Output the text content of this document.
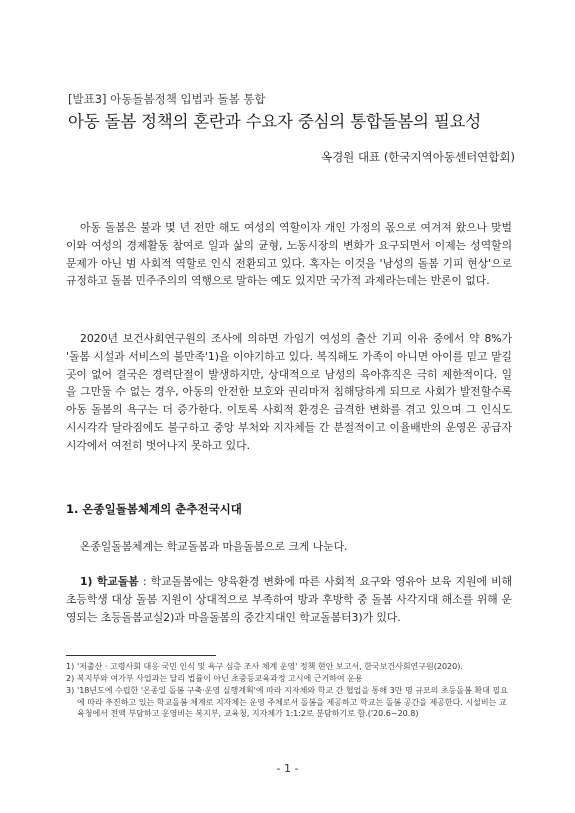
[발표3] 아동돌봄정책 입법과 돌봄 통합
아동 돌봄 정책의 혼란과 수요자 중심의 통합돌봄의 필요성
옥경원 대표 (한국지역아동센터연합회)
아동 돌봄은 불과 몇 년 전만 해도 여성의 역할이자 개인 가정의 몫으로 여겨져 왔으나 맞벌이와 여성의 경제활동 참여로 일과 삶의 균형, 노동시장의 변화가 요구되면서 이제는 성역할의 문제가 아닌 범 사회적 역할로 인식 전환되고 있다. 혹자는 이것을 '남성의 돌봄 기피 현상'으로 규정하고 돌봄 민주주의의 역행으로 말하는 예도 있지만 국가적 과제라는데는 반론이 없다.
2020년 보건사회연구원의 조사에 의하면 가임기 여성의 출산 기피 이유 중에서 약 8%가 '돌봄 시설과 서비스의 불만족'1)을 이야기하고 있다. 복직해도 가족이 아니면 아이를 믿고 맡길 곳이 없어 결국은 경력단절이 발생하지만, 상대적으로 남성의 육아휴직은 극히 제한적이다. 일을 그만둘 수 없는 경우, 아동의 안전한 보호와 권리마저 침해당하게 되므로 사회가 발전할수록 아동 돌봄의 욕구는 더 증가한다. 이토록 사회적 환경은 급격한 변화를 겪고 있으며 그 인식도 시시각각 달라짐에도 불구하고 중앙 부처와 지자체들 간 분절적이고 이율배반의 운영은 공급자 시각에서 여전히 벗어나지 못하고 있다.
1. 온종일돌봄체계의 춘추전국시대
온종일돌봄체계는 학교돌봄과 마을돌봄으로 크게 나눈다.
1) 학교돌봄 : 학교돌봄에는 양육환경 변화에 따른 사회적 요구와 영유아 보육 지원에 비해 초등학생 대상 돌봄 지원이 상대적으로 부족하여 방과 후방학 중 돌봄 사각지대 해소를 위해 운영되는 초등돌봄교실2)과 마을돌봄의 중간지대인 학교돌봄터3)가 있다.
1) '저출산 · 고령사회 대응 국민 인식 및 욕구 심층 조사 체계 운영' 정책 현안 보고서, 한국보건사회연구원(2020).
2) 복지부와 여가부 사업과는 달리 법률이 아닌 초중등교육과정 고시에 근거하여 운용
3) '18년도에 수립한 '온종일 돌봄 구축·운영 실행계획'에 따라 지자체와 학교 간 협업을 통해 3만 명 규모의 초등돌봄 확대 필요에 따라 추진하고 있는 학교돌봄 체계로 지자체는 운영 주체로서 돌봄을 제공하고 학교는 돌봄 공간을 제공한다. 시설비는 교육청에서 전액 부담하고 운영비는 복지부, 교육청, 지자체가 1:1:2로 분담하기로 함.('20.6~20.8)
- 1 -
